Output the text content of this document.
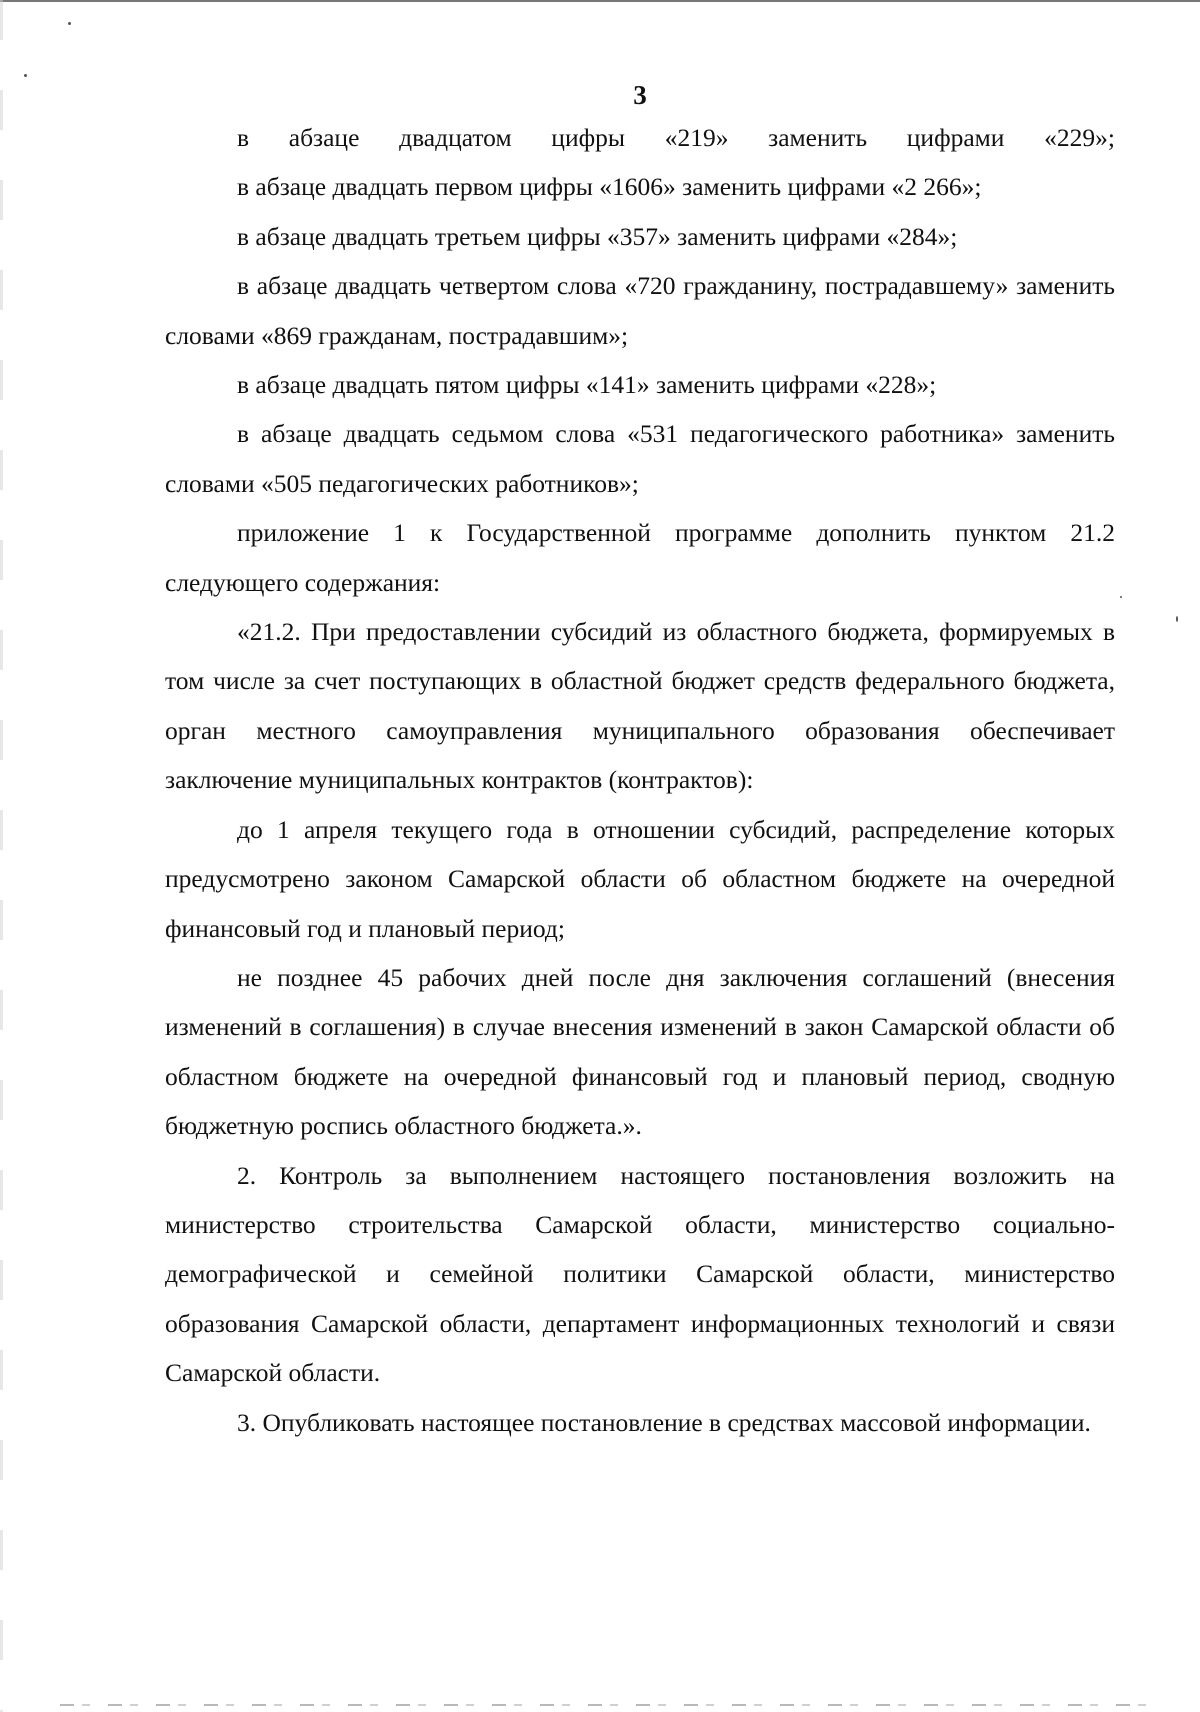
3

в абзаце двадцатом цифры «219» заменить цифрами «229»;

в абзаце двадцать первом цифры «1606» заменить цифрами «2 266»;

в абзаце двадцать третьем цифры «357» заменить цифрами «284»;

в абзаце двадцать четвертом слова «720 гражданину, пострадавшему» заменить словами «869 гражданам, пострадавшим»;

в абзаце двадцать пятом цифры «141» заменить цифрами «228»;

в абзаце двадцать седьмом слова «531 педагогического работника» заменить словами «505 педагогических работников»;

приложение 1 к Государственной программе дополнить пунктом 21.2 следующего содержания:

«21.2. При предоставлении субсидий из областного бюджета, формируемых в том числе за счет поступающих в областной бюджет средств федерального бюджета, орган местного самоуправления муниципального образования обеспечивает заключение муниципальных контрактов (контрактов):

до 1 апреля текущего года в отношении субсидий, распределение которых предусмотрено законом Самарской области об областном бюджете на очередной финансовый год и плановый период;

не позднее 45 рабочих дней после дня заключения соглашений (внесения изменений в соглашения) в случае внесения изменений в закон Самарской области об областном бюджете на очередной финансовый год и плановый период, сводную бюджетную роспись областного бюджета.».

2. Контроль за выполнением настоящего постановления возложить на министерство строительства Самарской области, министерство социально-демографической и семейной политики Самарской области, министерство образования Самарской области, департамент информационных технологий и связи Самарской области.

3. Опубликовать настоящее постановление в средствах массовой информации.
